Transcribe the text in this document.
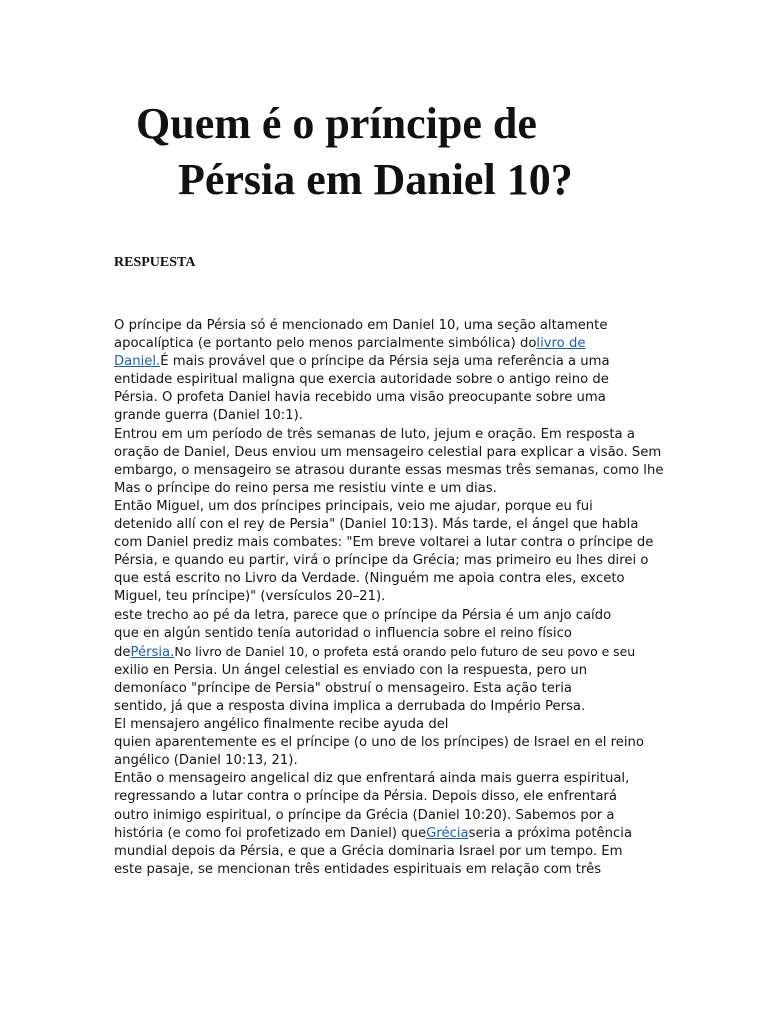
Quem é o príncipe de
Pérsia em Daniel 10?
RESPUESTA
O príncipe da Pérsia só é mencionado em Daniel 10, uma seção altamente
apocalíptica (e portanto pelo menos parcialmente simbólica) dolivro de
Daniel.É mais provável que o príncipe da Pérsia seja uma referência a uma
entidade espiritual maligna que exercia autoridade sobre o antigo reino de
Pérsia. O profeta Daniel havia recebido uma visão preocupante sobre uma
grande guerra (Daniel 10:1).
Entrou em um período de três semanas de luto, jejum e oração. Em resposta a
oração de Daniel, Deus enviou um mensageiro celestial para explicar a visão. Sem
embargo, o mensageiro se atrasou durante essas mesmas três semanas, como lhe
Mas o príncipe do reino persa me resistiu vinte e um dias.
Então Miguel, um dos príncipes principais, veio me ajudar, porque eu fui
detenido allí con el rey de Persia" (Daniel 10:13). Más tarde, el ángel que habla
com Daniel prediz mais combates: "Em breve voltarei a lutar contra o príncipe de
Pérsia, e quando eu partir, virá o príncipe da Grécia; mas primeiro eu lhes direi o
que está escrito no Livro da Verdade. (Ninguém me apoia contra eles, exceto
Miguel, teu príncipe)" (versículos 20–21).
este trecho ao pé da letra, parece que o príncipe da Pérsia é um anjo caído
que en algún sentido tenía autoridad o influencia sobre el reino físico
dePérsia.No livro de Daniel 10, o profeta está orando pelo futuro de seu povo e seu
exilio en Persia. Un ángel celestial es enviado con la respuesta, pero un
demoníaco "príncipe de Persia" obstruí o mensageiro. Esta ação teria
sentido, já que a resposta divina implica a derrubada do Império Persa.
El mensajero angélico finalmente recibe ayuda del
quien aparentemente es el príncipe (o uno de los príncipes) de Israel en el reino
angélico (Daniel 10:13, 21).
Então o mensageiro angelical diz que enfrentará ainda mais guerra espiritual,
regressando a lutar contra o príncipe da Pérsia. Depois disso, ele enfrentará
outro inimigo espiritual, o príncipe da Grécia (Daniel 10:20). Sabemos por a
história (e como foi profetizado em Daniel) queGréciaseria a próxima potência
mundial depois da Pérsia, e que a Grécia dominaria Israel por um tempo. Em
este pasaje, se mencionan três entidades espirituais em relação com três
